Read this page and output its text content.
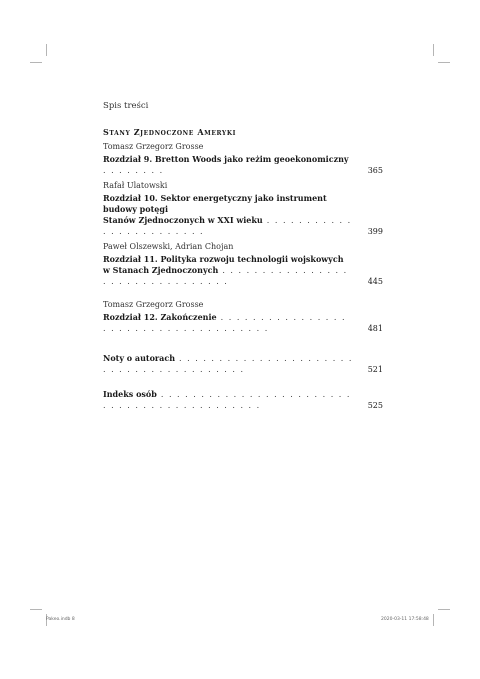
Spis treści
Stany Zjednoczone Ameryki
Tomasz Grzegorz Grosse
Rozdział 9. Bretton Woods jako reżim geoekonomiczny . . . . . . . .	365
Rafał Ulatowski
Rozdział 10. Sektor energetyczny jako instrument budowy potęgi
Stanów Zjednoczonych w XXI wieku . . . . . . . . . . . . . . . . . . . . . . . .	399
Paweł Olszewski, Adrian Chojan
Rozdział 11. Polityka rozwoju technologii wojskowych
w Stanach Zjednoczonych . . . . . . . . . . . . . . . . . . . . . . . . . . . . . . . .	445
Tomasz Grzegorz Grosse
Rozdział 12. Zakończenie . . . . . . . . . . . . . . . . . . . . . . . . . . . . . . . . . . . . .	481
Noty o autorach . . . . . . . . . . . . . . . . . . . . . . . . . . . . . . . . . . . . . . . .	521
Indeks osób . . . . . . . . . . . . . . . . . . . . . . . . . . . . . . . . . . . . . . . . . . . .	525
Pakeo.indb 8	2020-03-11 17:58:48
